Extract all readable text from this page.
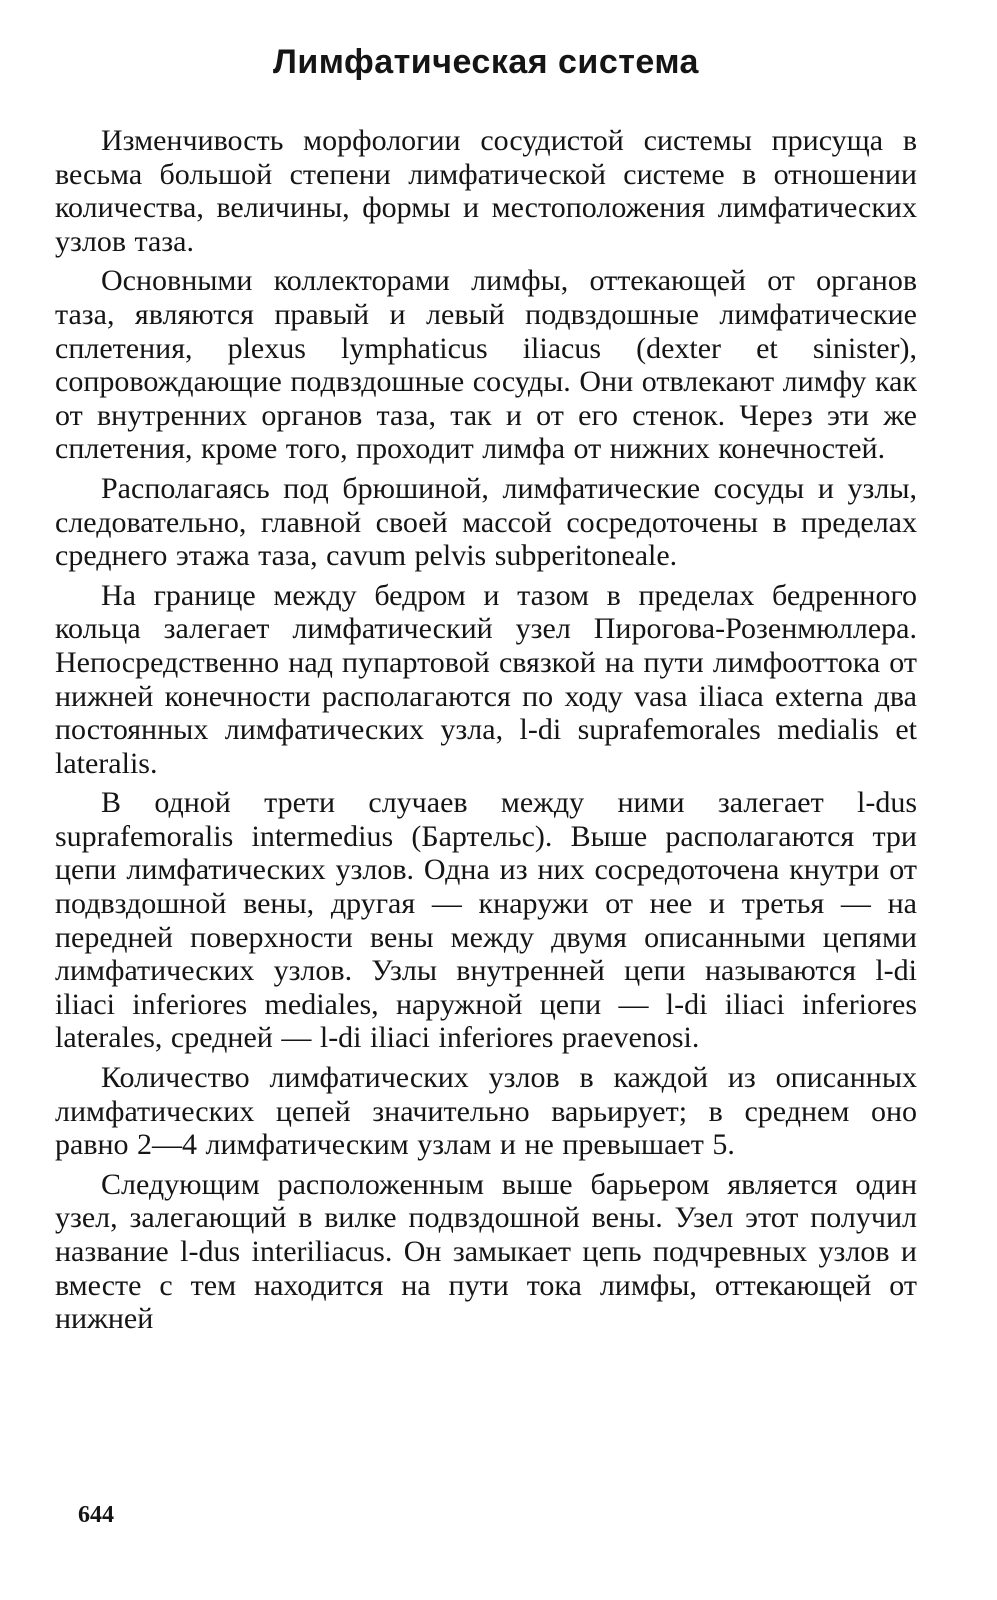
Лимфатическая система

Изменчивость морфологии сосудистой системы присуща в весьма большой степени лимфатической системе в отношении количества, величины, формы и местоположения лимфатических узлов таза.

Основными коллекторами лимфы, оттекающей от органов таза, являются правый и левый подвздошные лимфатические сплетения, plexus lymphaticus iliacus (dexter et sinister), сопровождающие подвздошные сосуды. Они отвлекают лимфу как от внутренних органов таза, так и от его стенок. Через эти же сплетения, кроме того, проходит лимфа от нижних конечностей.

Располагаясь под брюшиной, лимфатические сосуды и узлы, следовательно, главной своей массой сосредоточены в пределах среднего этажа таза, cavum pelvis subperitoneale.

На границе между бедром и тазом в пределах бедренного кольца залегает лимфатический узел Пирогова-Розенмюллера. Непосредственно над пупартовой связкой на пути лимфооттока от нижней конечности располагаются по ходу vasa iliaca externa два постоянных лимфатических узла, l-di suprafemorales medialis et lateralis.

В одной трети случаев между ними залегает l-dus suprafemoralis intermedius (Бартельс). Выше располагаются три цепи лимфатических узлов. Одна из них сосредоточена кнутри от подвздошной вены, другая — кнаружи от нее и третья — на передней поверхности вены между двумя описанными цепями лимфатических узлов. Узлы внутренней цепи называются l-di iliaci inferiores mediales, наружной цепи — l-di iliaci inferiores laterales, средней — l-di iliaci inferiores praevenosi.

Количество лимфатических узлов в каждой из описанных лимфатических цепей значительно варьирует; в среднем оно равно 2—4 лимфатическим узлам и не превышает 5.

Следующим расположенным выше барьером является один узел, залегающий в вилке подвздошной вены. Узел этот получил название l-dus interiliacus. Он замыкает цепь подчревных узлов и вместе с тем находится на пути тока лимфы, оттекающей от нижней

644
